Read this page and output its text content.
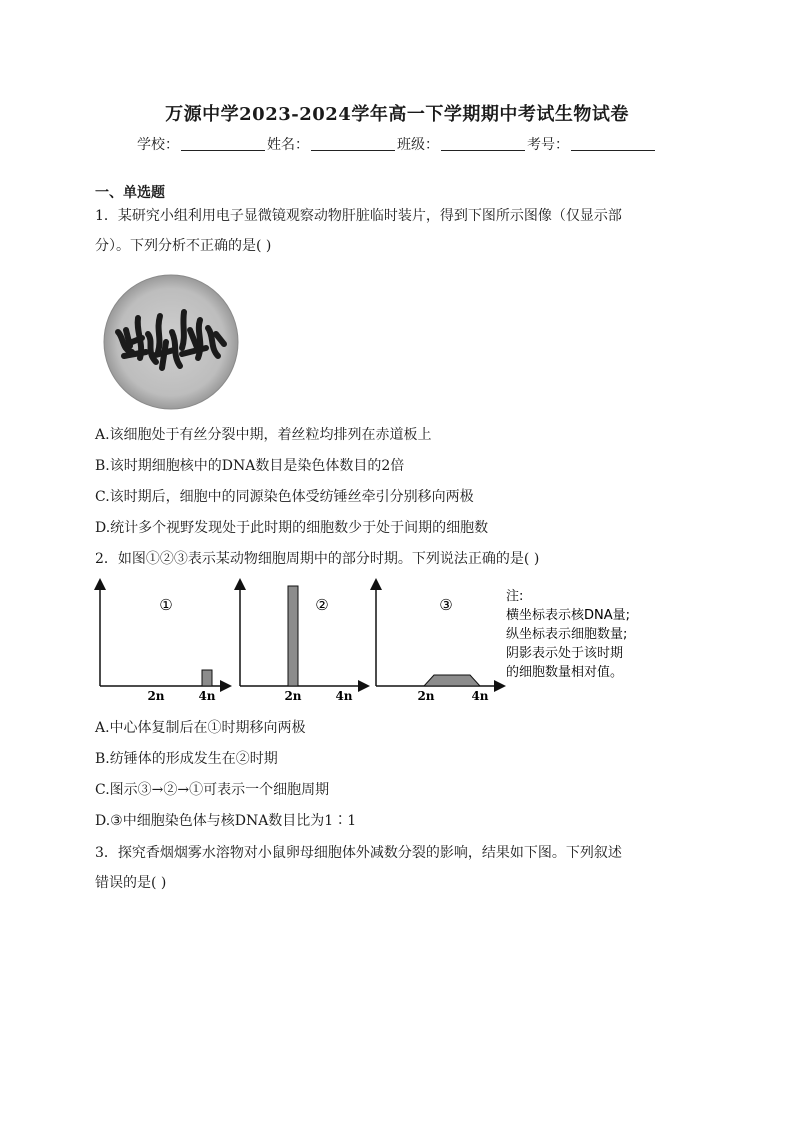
万源中学2023-2024学年高一下学期期中考试生物试卷
学校：	姓名：	班级：	考号：
一、单选题
1．某研究小组利用电子显微镜观察动物肝脏临时装片，得到下图所示图像（仅显示部
分）。下列分析不正确的是( )
A.该细胞处于有丝分裂中期，着丝粒均排列在赤道板上
B.该时期细胞核中的DNA数目是染色体数目的2倍
C.该时期后，细胞中的同源染色体受纺锤丝牵引分别移向两极
D.统计多个视野发现处于此时期的细胞数少于处于间期的细胞数
2．如图①②③表示某动物细胞周期中的部分时期。下列说法正确的是( )
①
2n	4n
②
2n	4n
③
2n	4n
注:
横坐标表示核DNA量;
纵坐标表示细胞数量;
阴影表示处于该时期
的细胞数量相对值。
A.中心体复制后在①时期移向两极
B.纺锤体的形成发生在②时期
C.图示③→②→①可表示一个细胞周期
D.③中细胞染色体与核DNA数目比为1∶1
3．探究香烟烟雾水溶物对小鼠卵母细胞体外减数分裂的影响，结果如下图。下列叙述
错误的是( )
